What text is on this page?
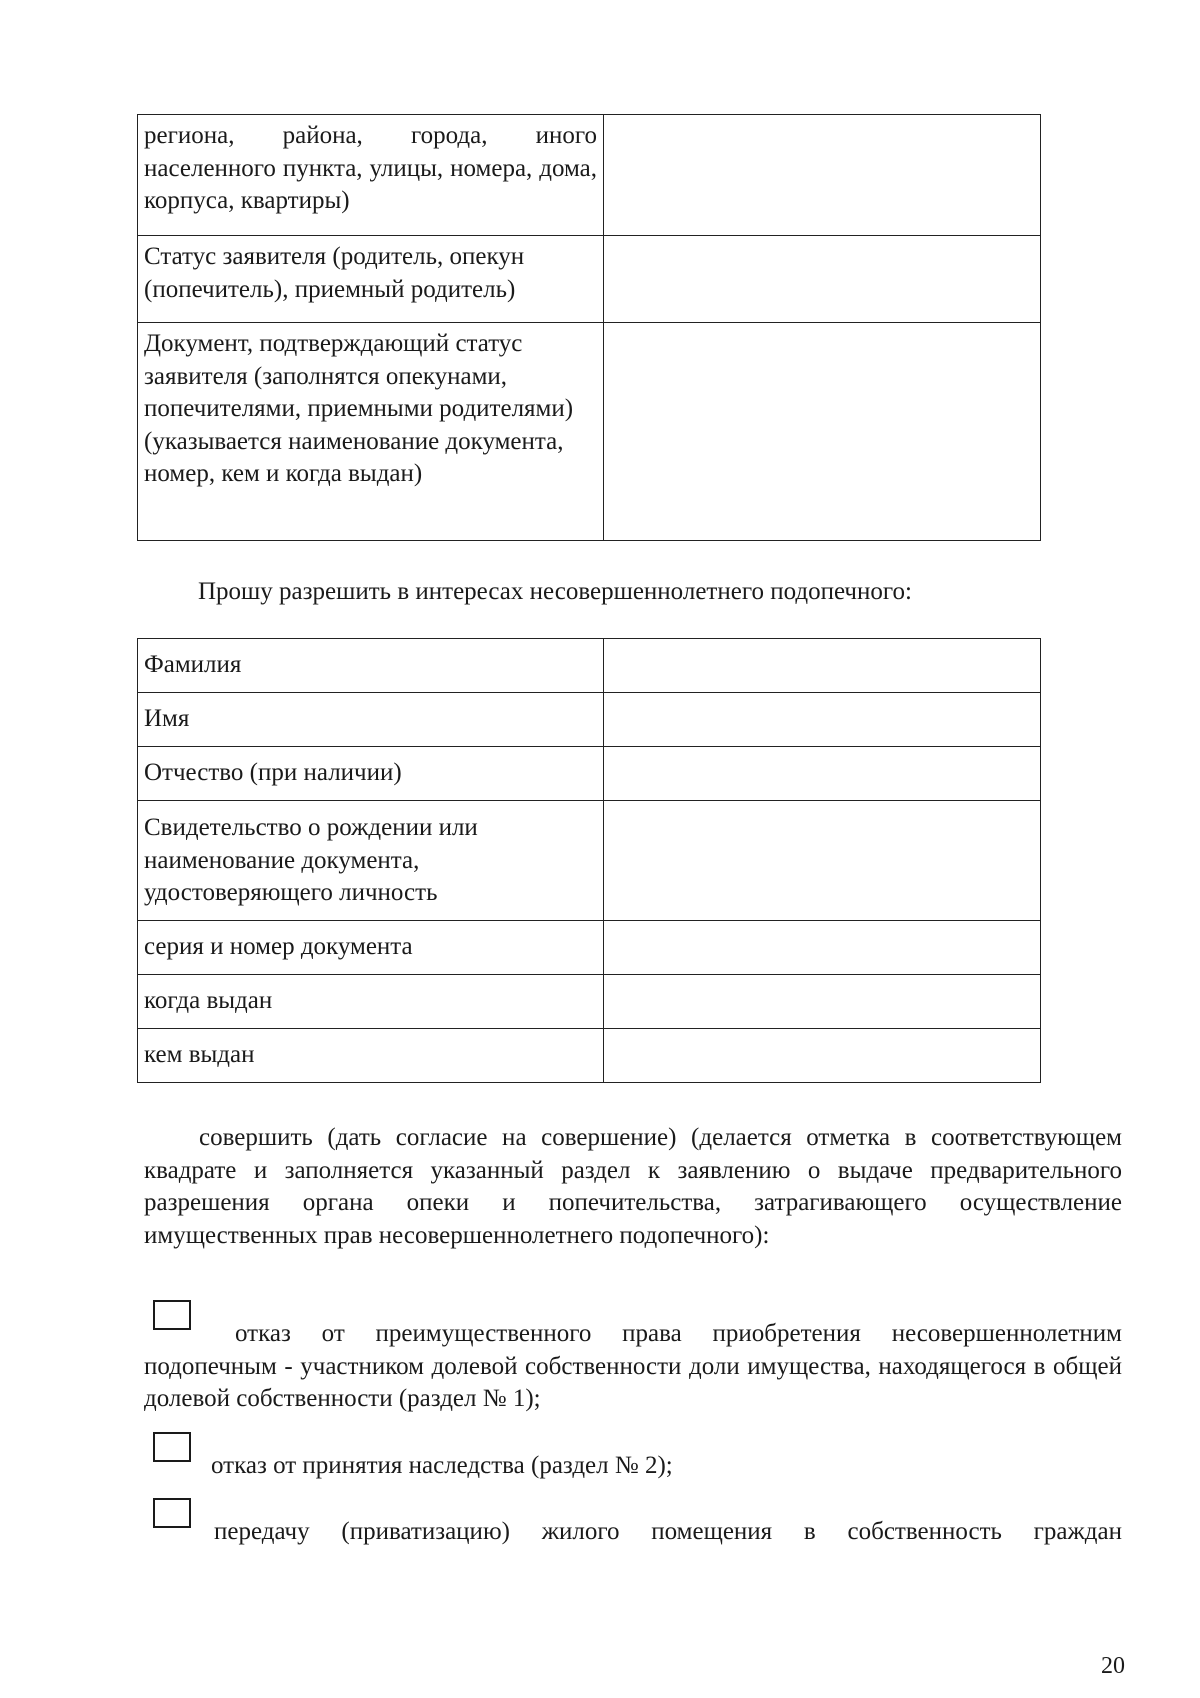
региона, района, города, иного населенного пункта, улицы, номера, дома, корпуса, квартиры)	

Статус заявителя (родитель, опекун (попечитель), приемный родитель)	
Документ, подтверждающий статус заявителя (заполнятся опекунами, попечителями, приемными родителями) (указывается наименование документа, номер, кем и когда выдан)	
Прошу разрешить в интересах несовершеннолетнего подопечного:
Фамилия	
Имя	
Отчество (при наличии)	
Свидетельство о рождении или наименование документа, удостоверяющего личность	
серия и номер документа	
когда выдан	
кем выдан	

совершить (дать согласие на совершение) (делается отметка в соответствующем квадрате и заполняется указанный раздел к заявлению о выдаче предварительного разрешения органа опеки и попечительства, затрагивающего осуществление имущественных прав несовершеннолетнего подопечного):

отказ от преимущественного права приобретения несовершеннолетним подопечным - участником долевой собственности доли имущества, находящегося в общей долевой собственности (раздел № 1);

отказ от принятия наследства (раздел № 2);

передачу (приватизацию) жилого помещения в собственность граждан

20
